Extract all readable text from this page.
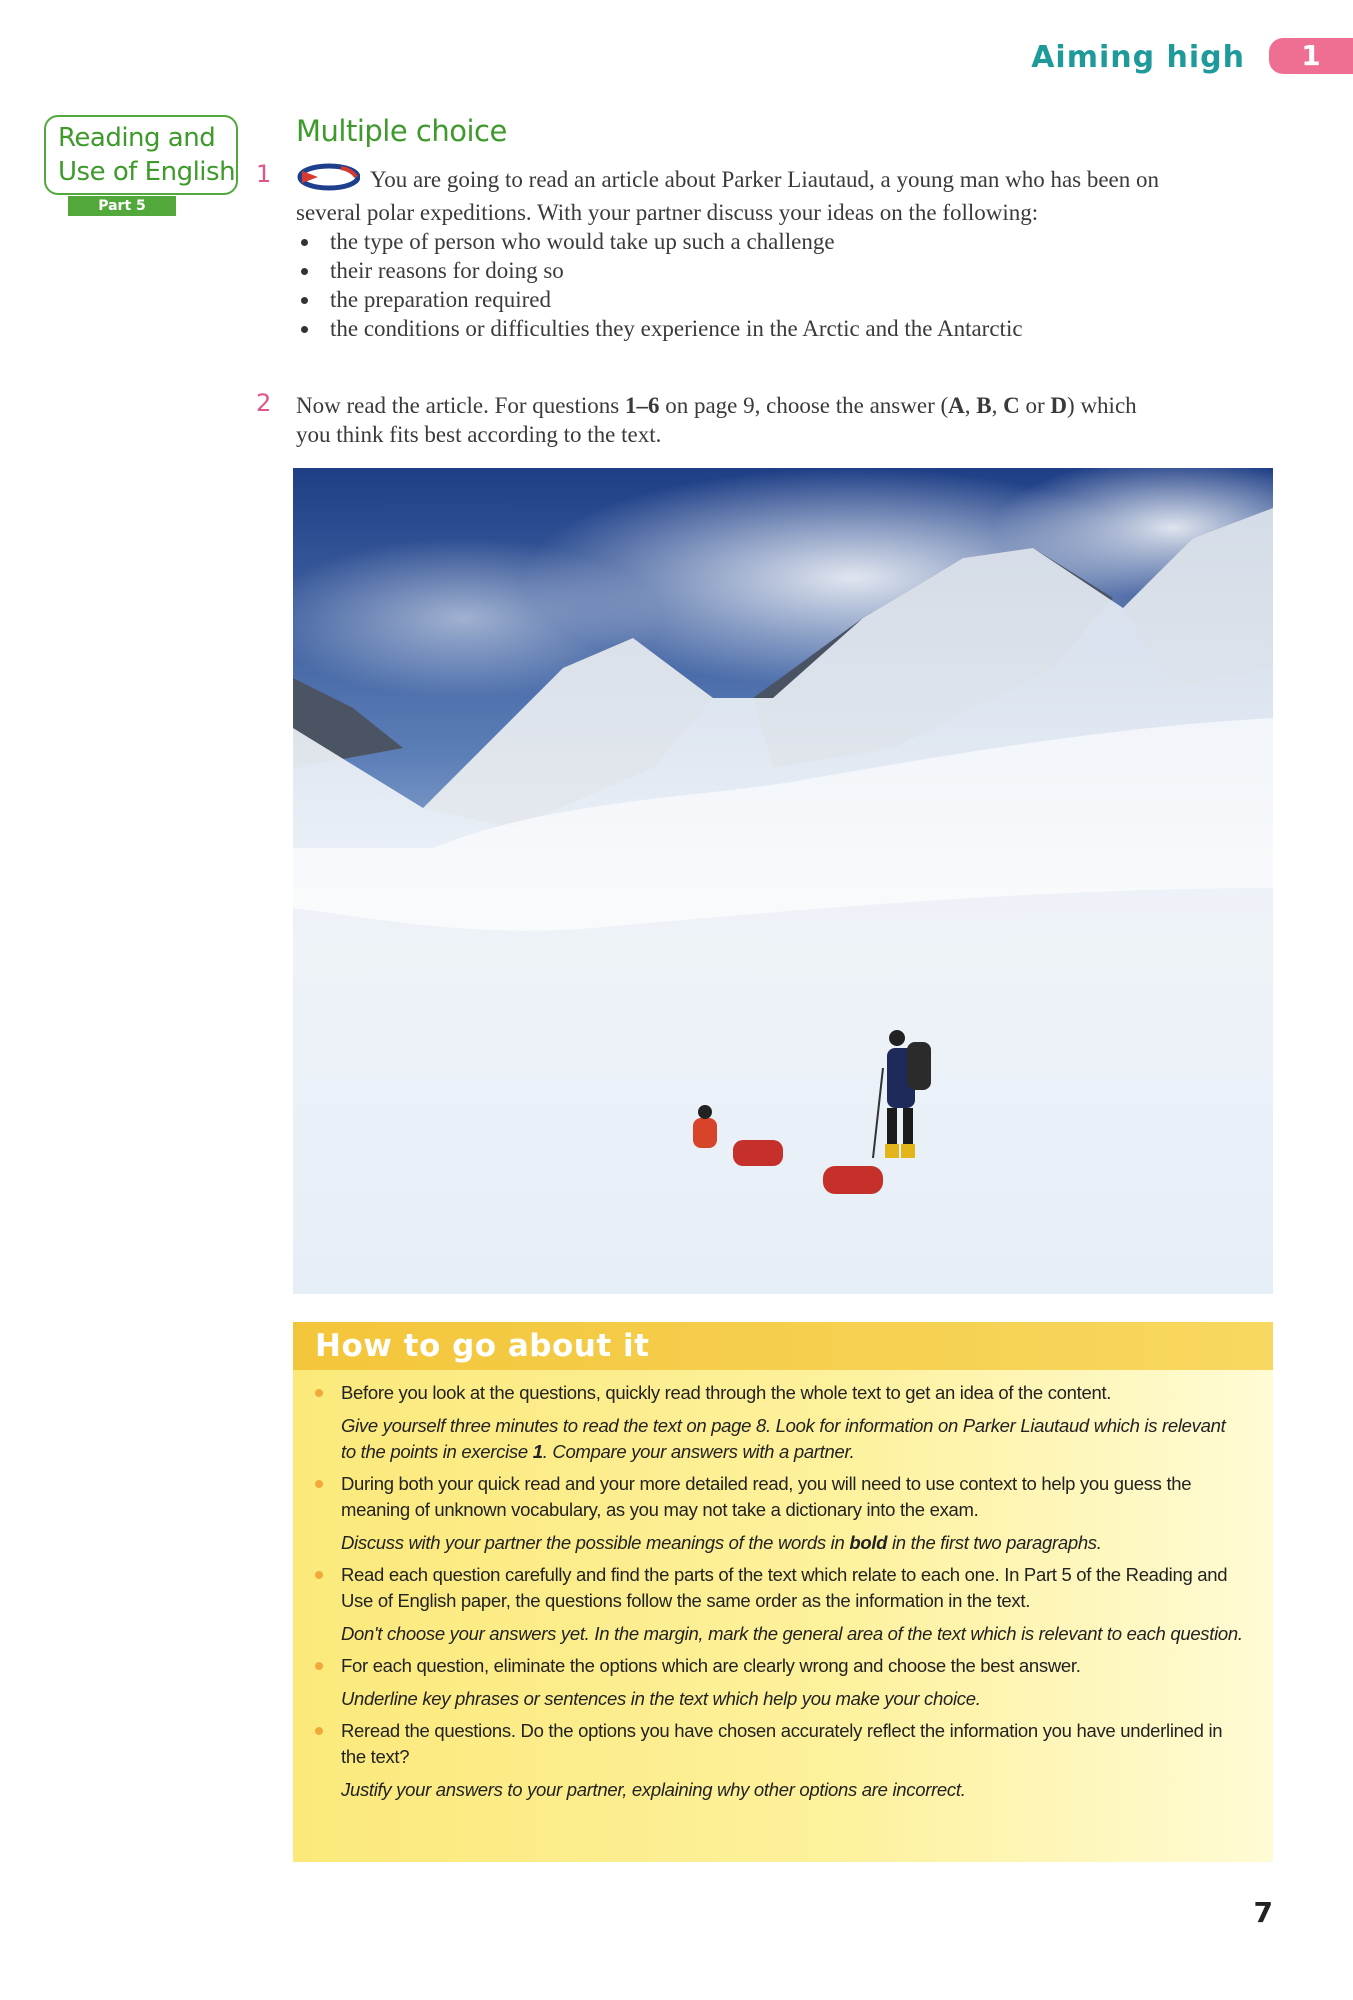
Aiming high	1
Reading and
Use of English
Part 5
Multiple choice
1	You are going to read an article about Parker Liautaud, a young man who has been on several polar expeditions. With your partner discuss your ideas on the following:

the type of person who would take up such a challenge
their reasons for doing so
the preparation required
the conditions or difficulties they experience in the Arctic and the Antarctic
2 Now read the article. For questions 1–6 on page 9, choose the answer (A, B, C or D) which you think fits best according to the text.
How to go about it
Before you look at the questions, quickly read through the whole text to get an idea of the content.
Give yourself three minutes to read the text on page 8. Look for information on Parker Liautaud which is relevant to the points in exercise 1. Compare your answers with a partner.
During both your quick read and your more detailed read, you will need to use context to help you guess the meaning of unknown vocabulary, as you may not take a dictionary into the exam.
Discuss with your partner the possible meanings of the words in bold in the first two paragraphs.
Read each question carefully and find the parts of the text which relate to each one. In Part 5 of the Reading and Use of English paper, the questions follow the same order as the information in the text.
Don't choose your answers yet. In the margin, mark the general area of the text which is relevant to each question.
For each question, eliminate the options which are clearly wrong and choose the best answer.
Underline key phrases or sentences in the text which help you make your choice.
Reread the questions. Do the options you have chosen accurately reflect the information you have underlined in the text?
Justify your answers to your partner, explaining why other options are incorrect.
7
